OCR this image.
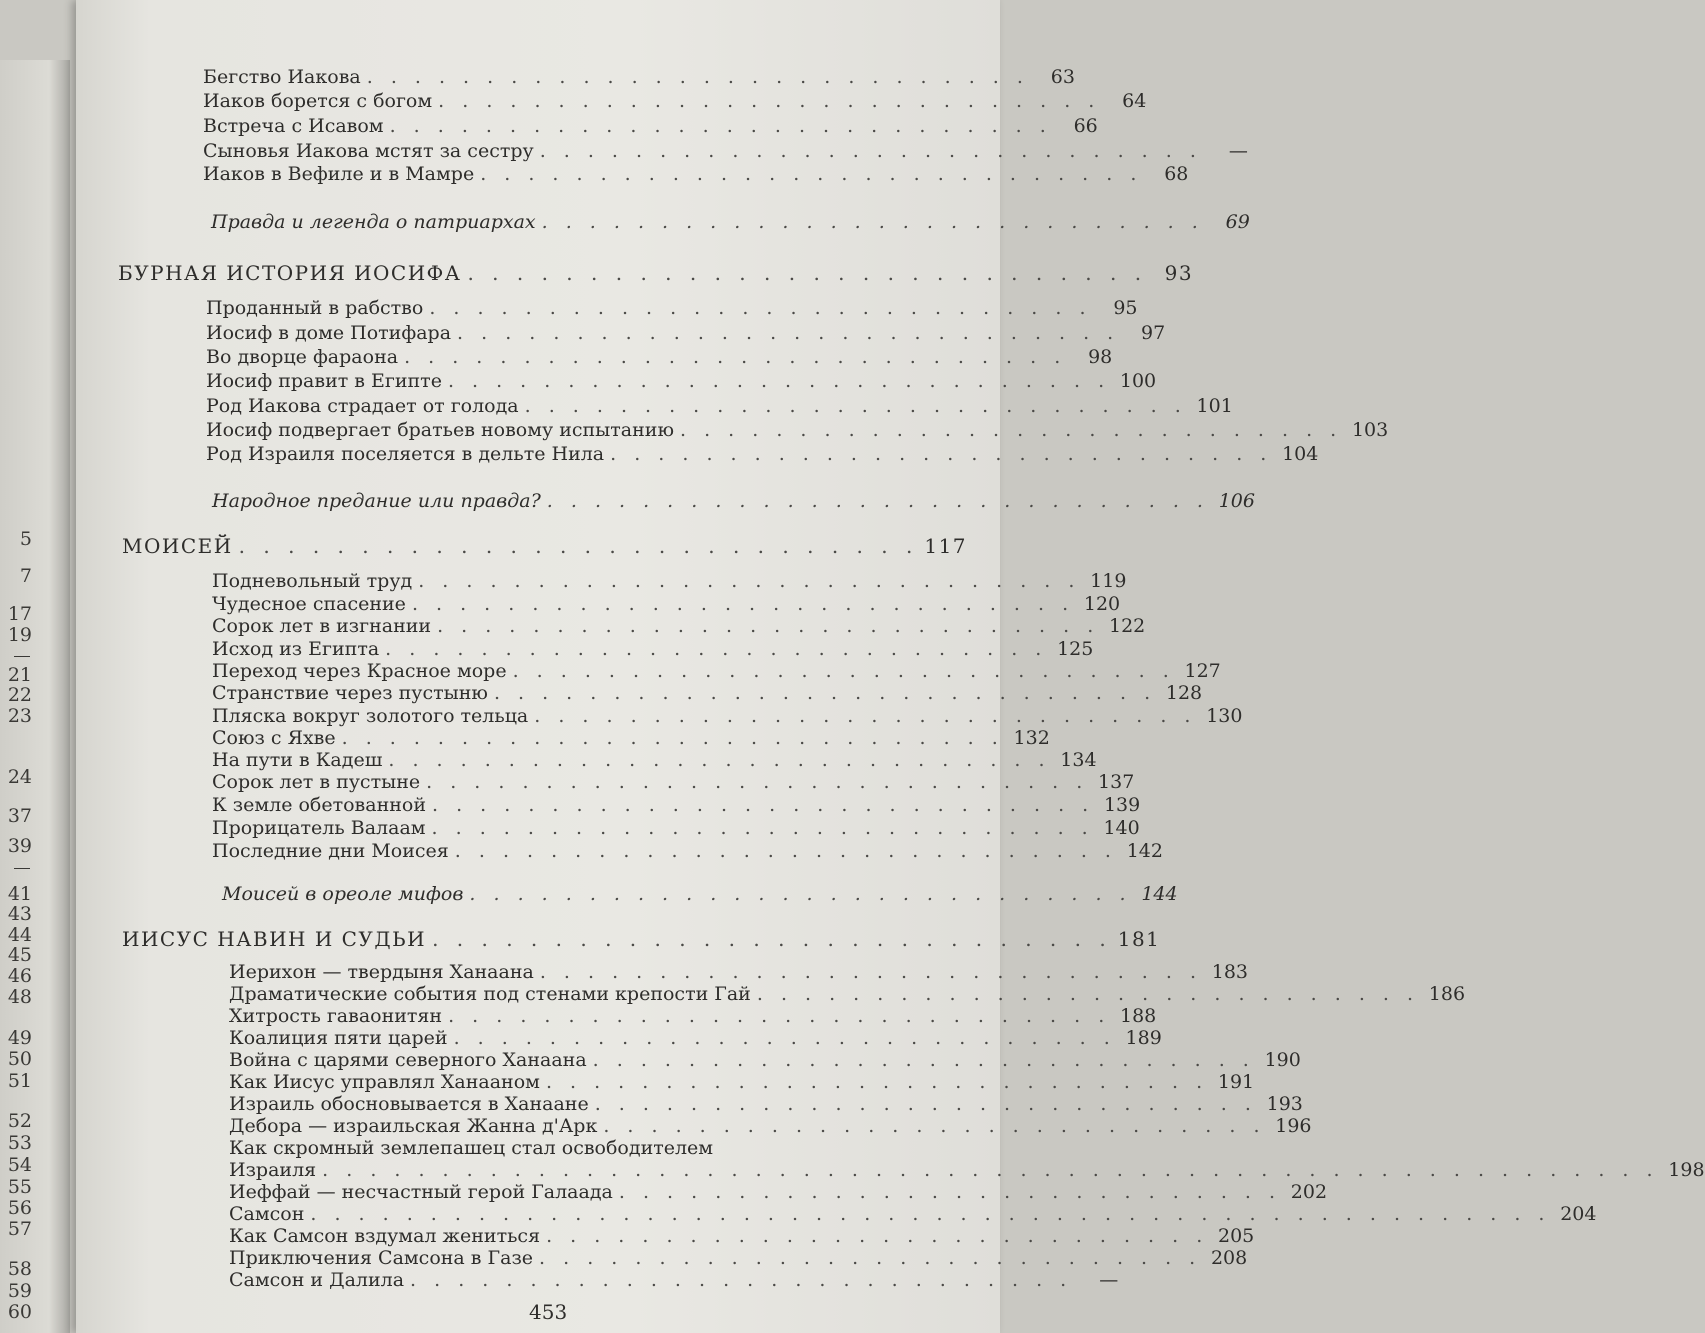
5
7
17
19
21
22
23
24
37
39
41
43
44
45
46
48
49
50
51
52
53
54
55
56
57
58
59
60
Бегство Иакова . . . . . . . . . . . . . . . . . . . . . . . . . . . .	63
Иаков борется с богом . . . . . . . . . . . . . . . . . . . . . . . . . . . .	64
Встреча с Исавом . . . . . . . . . . . . . . . . . . . . . . . . . . . .	66
Сыновья Иакова мстят за сестру . . . . . . . . . . . . . . . . . . . . . . . . . . . .	—
Иаков в Вефиле и в Мамре . . . . . . . . . . . . . . . . . . . . . . . . . . . .	68
Правда и легенда о патриархах . . . . . . . . . . . . . . . . . . . . . . . . . . . .	69
БУРНАЯ ИСТОРИЯ ИОСИФА . . . . . . . . . . . . . . . . . . . . . . . . . . . . 93
Проданный в рабство . . . . . . . . . . . . . . . . . . . . . . . . . . . .	95
Иосиф в доме Потифара . . . . . . . . . . . . . . . . . . . . . . . . . . . .	97
Во дворце фараона . . . . . . . . . . . . . . . . . . . . . . . . . . . .	98
Иосиф правит в Египте . . . . . . . . . . . . . . . . . . . . . . . . . . . . 100
Род Иакова страдает от голода . . . . . . . . . . . . . . . . . . . . . . . . . . . . 101
Иосиф подвергает братьев новому испытанию . . . . . . . . . . . . . . . . . . . . . . . . . . . . 103
Род Израиля поселяется в дельте Нила . . . . . . . . . . . . . . . . . . . . . . . . . . . . 104
Народное предание или правда? . . . . . . . . . . . . . . . . . . . . . . . . . . . . 106
МОИСЕЙ . . . . . . . . . . . . . . . . . . . . . . . . . . . . 117
Подневольный труд . . . . . . . . . . . . . . . . . . . . . . . . . . . . 119
Чудесное спасение . . . . . . . . . . . . . . . . . . . . . . . . . . . . 120
Сорок лет в изгнании . . . . . . . . . . . . . . . . . . . . . . . . . . . . 122
Исход из Египта . . . . . . . . . . . . . . . . . . . . . . . . . . . . 125
Переход через Красное море . . . . . . . . . . . . . . . . . . . . . . . . . . . . 127
Странствие через пустыню . . . . . . . . . . . . . . . . . . . . . . . . . . . . 128
Пляска вокруг золотого тельца . . . . . . . . . . . . . . . . . . . . . . . . . . . . 130
Союз с Яхве . . . . . . . . . . . . . . . . . . . . . . . . . . . . 132
На пути в Кадеш . . . . . . . . . . . . . . . . . . . . . . . . . . . . 134
Сорок лет в пустыне . . . . . . . . . . . . . . . . . . . . . . . . . . . . 137
К земле обетованной . . . . . . . . . . . . . . . . . . . . . . . . . . . . 139
Прорицатель Валаам . . . . . . . . . . . . . . . . . . . . . . . . . . . . 140
Последние дни Моисея . . . . . . . . . . . . . . . . . . . . . . . . . . . . 142
Моисей в ореоле мифов . . . . . . . . . . . . . . . . . . . . . . . . . . . . 144
ИИСУС НАВИН И СУДЬИ . . . . . . . . . . . . . . . . . . . . . . . . . . . . 181
Иерихон — твердыня Ханаана . . . . . . . . . . . . . . . . . . . . . . . . . . . . 183
Драматические события под стенами крепости Гай . . . . . . . . . . . . . . . . . . . . . . . . . . . . 186
Хитрость гаваонитян . . . . . . . . . . . . . . . . . . . . . . . . . . . . 188
Коалиция пяти царей . . . . . . . . . . . . . . . . . . . . . . . . . . . . 189
Война с царями северного Ханаана . . . . . . . . . . . . . . . . . . . . . . . . . . . . 190
Как Иисус управлял Ханааном . . . . . . . . . . . . . . . . . . . . . . . . . . . . 191
Израиль обосновывается в Ханаане . . . . . . . . . . . . . . . . . . . . . . . . . . . . 193
Дебора — израильская Жанна д'Арк . . . . . . . . . . . . . . . . . . . . . . . . . . . . 196
Как скромный землепашец стал освободителем
Израиля . . . . . . . . . . . . . . . . . . . . . . . . . . . . . . . . . . . . . . . . . . . . . . . . . . . . . . . . 198
Иеффай — несчастный герой Галаада . . . . . . . . . . . . . . . . . . . . . . . . . . . . 202
Самсон . . . . . . . . . . . . . . . . . . . . . . . . . . . . . . . . . . . . . . . . . . . . . . . . . . . . 204
Как Самсон вздумал жениться . . . . . . . . . . . . . . . . . . . . . . . . . . . . 205
Приключения Самсона в Газе . . . . . . . . . . . . . . . . . . . . . . . . . . . . 208
Самсон и Далила . . . . . . . . . . . . . . . . . . . . . . . . . . . .	—
453
